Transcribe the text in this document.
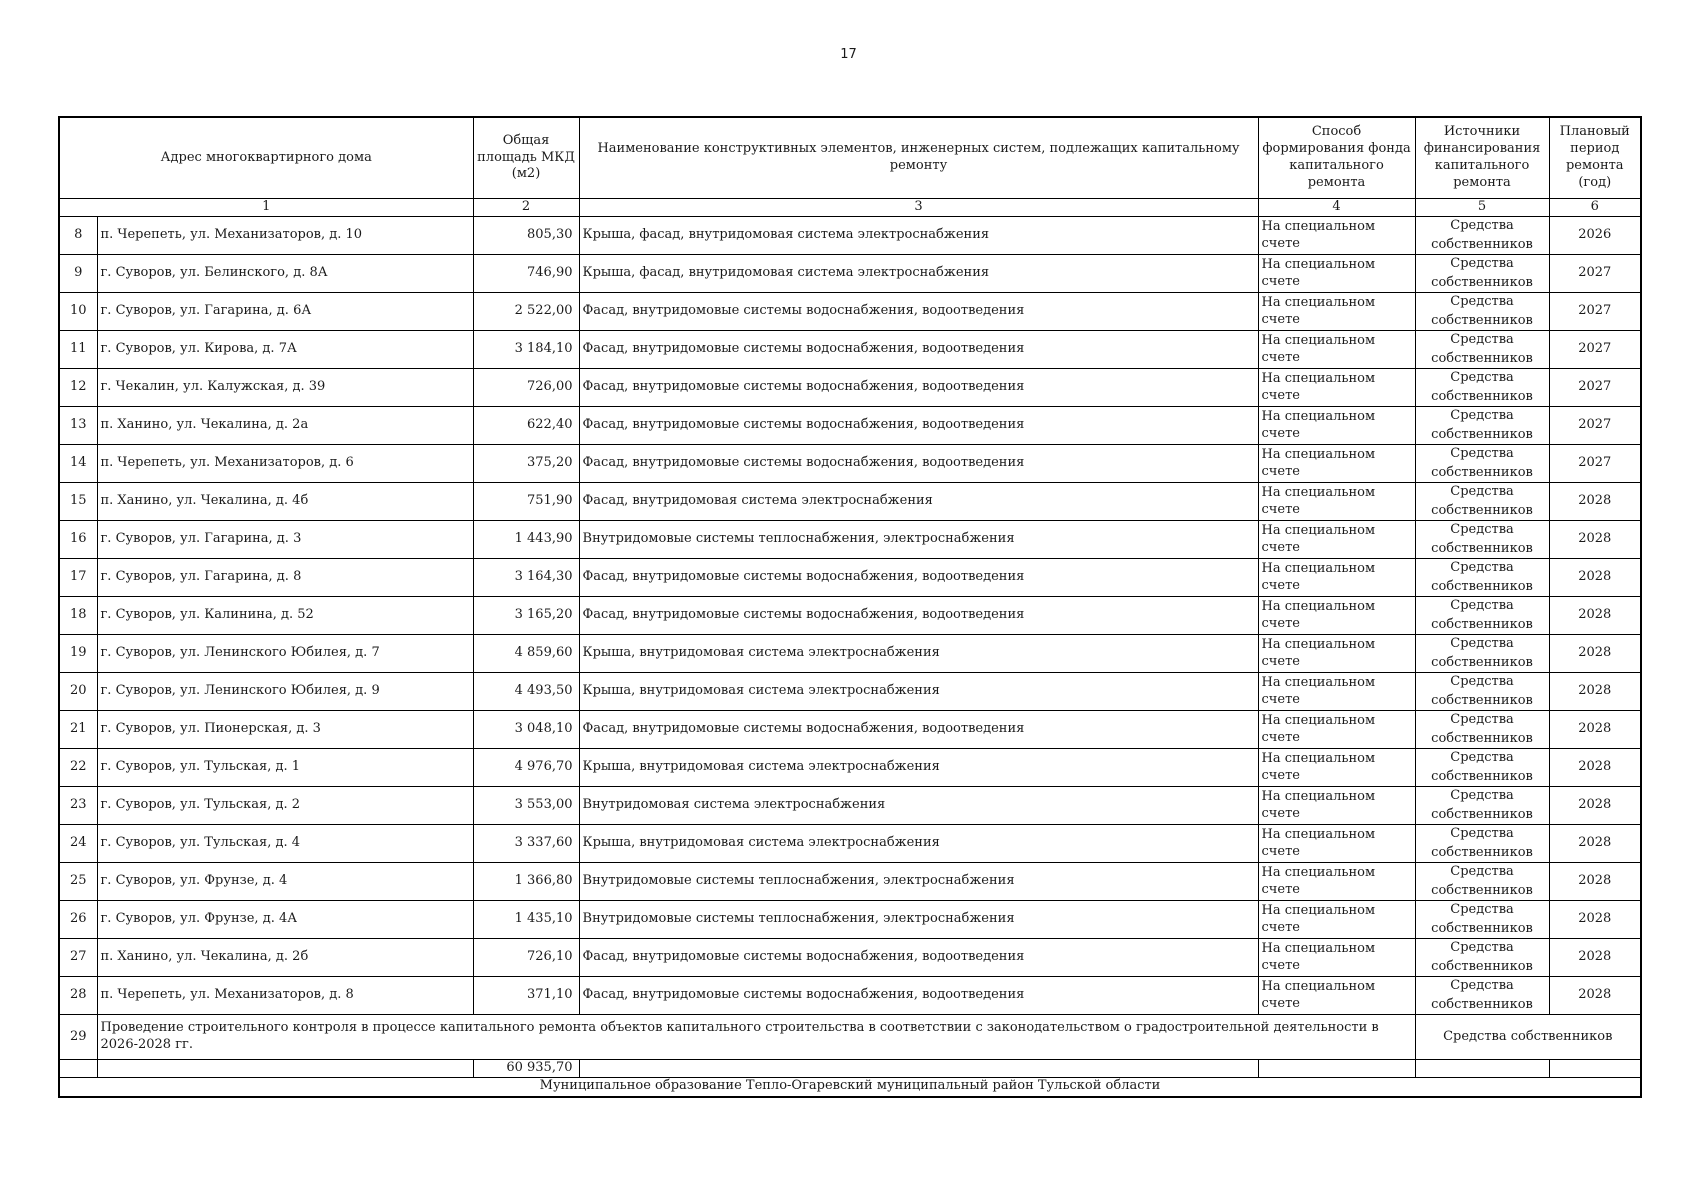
17
Адрес многоквартирного дома		Общая площадь МКД (м2)	Наименование конструктивных элементов, инженерных систем, подлежащих капитальному ремонту	Способ формирования фонда капитального ремонта	Источники финансирования капитального ремонта	Плановый период ремонта (год)
1		2	3	4	5	6
8	п. Черепеть, ул. Механизаторов, д. 10	805,30	Крыша, фасад, внутридомовая система электроснабжения	На специальном счете	Средства собственников	2026
9	г. Суворов, ул. Белинского, д. 8А	746,90	Крыша, фасад, внутридомовая система электроснабжения	На специальном счете	Средства собственников	2027
10	г. Суворов, ул. Гагарина, д. 6А	2 522,00	Фасад, внутридомовые системы водоснабжения, водоотведения	На специальном счете	Средства собственников	2027
11	г. Суворов, ул. Кирова, д. 7А	3 184,10	Фасад, внутридомовые системы водоснабжения, водоотведения	На специальном счете	Средства собственников	2027
12	г. Чекалин, ул. Калужская, д. 39	726,00	Фасад, внутридомовые системы водоснабжения, водоотведения	На специальном счете	Средства собственников	2027
13	п. Ханино, ул. Чекалина, д. 2а	622,40	Фасад, внутридомовые системы водоснабжения, водоотведения	На специальном счете	Средства собственников	2027
14	п. Черепеть, ул. Механизаторов, д. 6	375,20	Фасад, внутридомовые системы водоснабжения, водоотведения	На специальном счете	Средства собственников	2027
15	п. Ханино, ул. Чекалина, д. 4б	751,90	Фасад, внутридомовая система электроснабжения	На специальном счете	Средства собственников	2028
16	г. Суворов, ул. Гагарина, д. 3	1 443,90	Внутридомовые системы теплоснабжения, электроснабжения	На специальном счете	Средства собственников	2028
17	г. Суворов, ул. Гагарина, д. 8	3 164,30	Фасад, внутридомовые системы водоснабжения, водоотведения	На специальном счете	Средства собственников	2028
18	г. Суворов, ул. Калинина, д. 52	3 165,20	Фасад, внутридомовые системы водоснабжения, водоотведения	На специальном счете	Средства собственников	2028
19	г. Суворов, ул. Ленинского Юбилея, д. 7	4 859,60	Крыша, внутридомовая система электроснабжения	На специальном счете	Средства собственников	2028
20	г. Суворов, ул. Ленинского Юбилея, д. 9	4 493,50	Крыша, внутридомовая система электроснабжения	На специальном счете	Средства собственников	2028
21	г. Суворов, ул. Пионерская, д. 3	3 048,10	Фасад, внутридомовые системы водоснабжения, водоотведения	На специальном счете	Средства собственников	2028
22	г. Суворов, ул. Тульская, д. 1	4 976,70	Крыша, внутридомовая система электроснабжения	На специальном счете	Средства собственников	2028
23	г. Суворов, ул. Тульская, д. 2	3 553,00	Внутридомовая система электроснабжения	На специальном счете	Средства собственников	2028
24	г. Суворов, ул. Тульская, д. 4	3 337,60	Крыша, внутридомовая система электроснабжения	На специальном счете	Средства собственников	2028
25	г. Суворов, ул. Фрунзе, д. 4	1 366,80	Внутридомовые системы теплоснабжения, электроснабжения	На специальном счете	Средства собственников	2028
26	г. Суворов, ул. Фрунзе, д. 4А	1 435,10	Внутридомовые системы теплоснабжения, электроснабжения	На специальном счете	Средства собственников	2028
27	п. Ханино, ул. Чекалина, д. 2б	726,10	Фасад, внутридомовые системы водоснабжения, водоотведения	На специальном счете	Средства собственников	2028
28	п. Черепеть, ул. Механизаторов, д. 8	371,10	Фасад, внутридомовые системы водоснабжения, водоотведения	На специальном счете	Средства собственников	2028
29	Проведение строительного контроля в процессе капитального ремонта объектов капитального строительства в соответствии с законодательством о градостроительной деятельности в 2026-2028 гг.				Средства собственников	
		60 935,70				
Муниципальное образование Тепло-Огаревский муниципальный район Тульской области						
